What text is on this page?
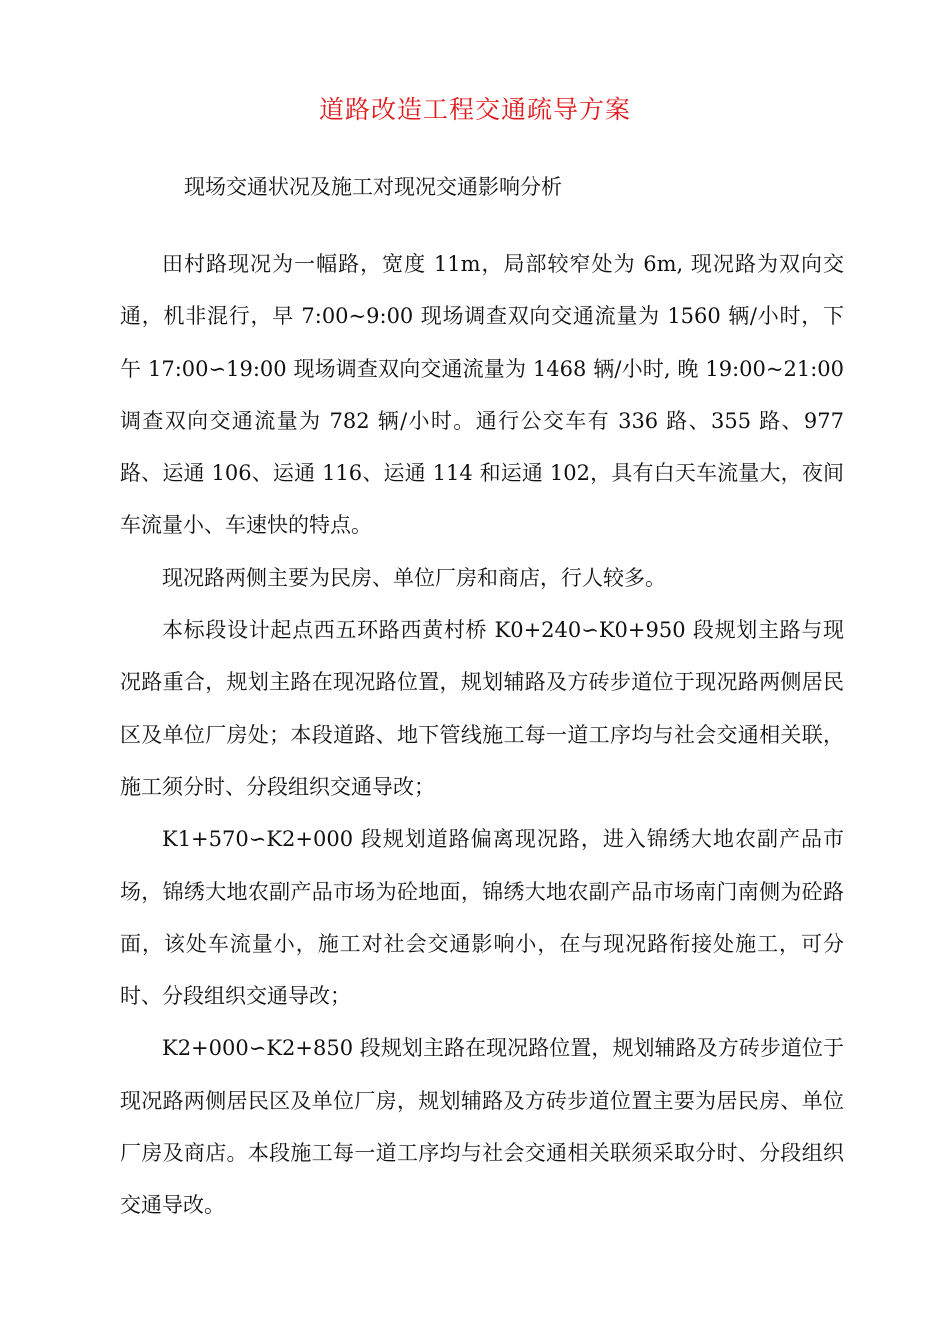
道路改造工程交通疏导方案
现场交通状况及施工对现况交通影响分析

田村路现况为一幅路，宽度 11m，局部较窄处为 6m, 现况路为双向交通，机非混行，早 7:00~9:00 现场调查双向交通流量为 1560 辆/小时，下午 17:00∽19:00 现场调查双向交通流量为 1468 辆/小时, 晚 19:00~21:00 调查双向交通流量为 782 辆/小时。通行公交车有 336 路、355 路、977 路、运通 106、运通 116、运通 114 和运通 102，具有白天车流量大，夜间车流量小、车速快的特点。

现况路两侧主要为民房、单位厂房和商店，行人较多。

本标段设计起点西五环路西黄村桥 K0+240∽K0+950 段规划主路与现况路重合，规划主路在现况路位置，规划辅路及方砖步道位于现况路两侧居民区及单位厂房处；本段道路、地下管线施工每一道工序均与社会交通相关联，施工须分时、分段组织交通导改；

K1+570∽K2+000 段规划道路偏离现况路，进入锦绣大地农副产品市场，锦绣大地农副产品市场为砼地面，锦绣大地农副产品市场南门南侧为砼路面，该处车流量小，施工对社会交通影响小，在与现况路衔接处施工，可分时、分段组织交通导改；

K2+000∽K2+850 段规划主路在现况路位置，规划辅路及方砖步道位于现况路两侧居民区及单位厂房，规划辅路及方砖步道位置主要为居民房、单位厂房及商店。本段施工每一道工序均与社会交通相关联须采取分时、分段组织交通导改。
